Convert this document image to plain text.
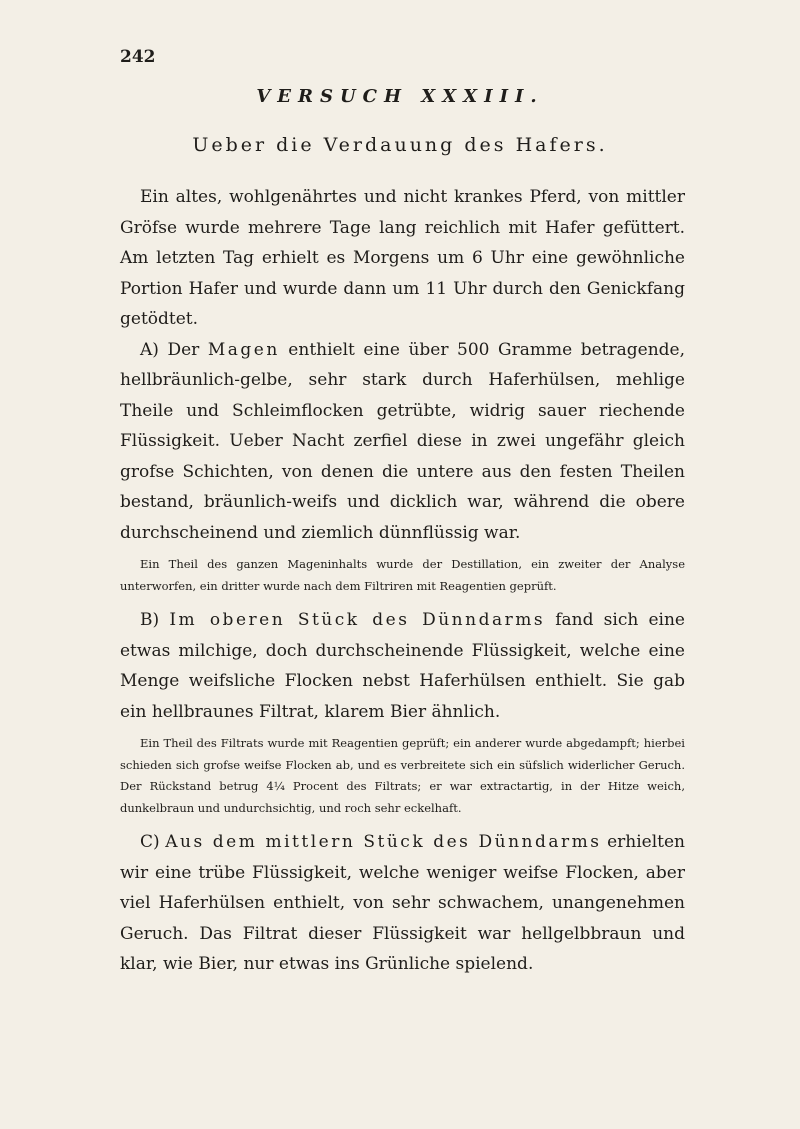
242
VERSUCH XXXIII.
Ueber die Verdauung des Hafers.

Ein altes, wohlgenährtes und nicht krankes Pferd, von mittler Gröfse wurde mehrere Tage lang reichlich mit Hafer gefüttert. Am letzten Tag erhielt es Morgens um 6 Uhr eine gewöhnliche Portion Hafer und wurde dann um 11 Uhr durch den Genickfang getödtet.

A) Der Magen enthielt eine über 500 Gramme betragende, hellbräunlich-gelbe, sehr stark durch Haferhülsen, mehlige Theile und Schleimflocken getrübte, widrig sauer riechende Flüssigkeit. Ueber Nacht zerfiel diese in zwei ungefähr gleich grofse Schichten, von denen die untere aus den festen Theilen bestand, bräunlich-weifs und dicklich war, während die obere durchscheinend und ziemlich dünnflüssig war.

Ein Theil des ganzen Mageninhalts wurde der Destillation, ein zweiter der Analyse unterworfen, ein dritter wurde nach dem Filtriren mit Reagentien geprüft.

B) Im oberen Stück des Dünndarms fand sich eine etwas milchige, doch durchscheinende Flüssigkeit, welche eine Menge weifsliche Flocken nebst Haferhülsen enthielt. Sie gab ein hellbraunes Filtrat, klarem Bier ähnlich.

Ein Theil des Filtrats wurde mit Reagentien geprüft; ein anderer wurde abgedampft; hierbei schieden sich grofse weifse Flocken ab, und es verbreitete sich ein süfslich widerlicher Geruch. Der Rückstand betrug 4¼ Procent des Filtrats; er war extractartig, in der Hitze weich, dunkelbraun und undurchsichtig, und roch sehr eckelhaft.

C) Aus dem mittlern Stück des Dünndarms erhielten wir eine trübe Flüssigkeit, welche weniger weifse Flocken, aber viel Haferhülsen enthielt, von sehr schwachem, unangenehmen Geruch. Das Filtrat dieser Flüssigkeit war hellgelbbraun und klar, wie Bier, nur etwas ins Grünliche spielend.
